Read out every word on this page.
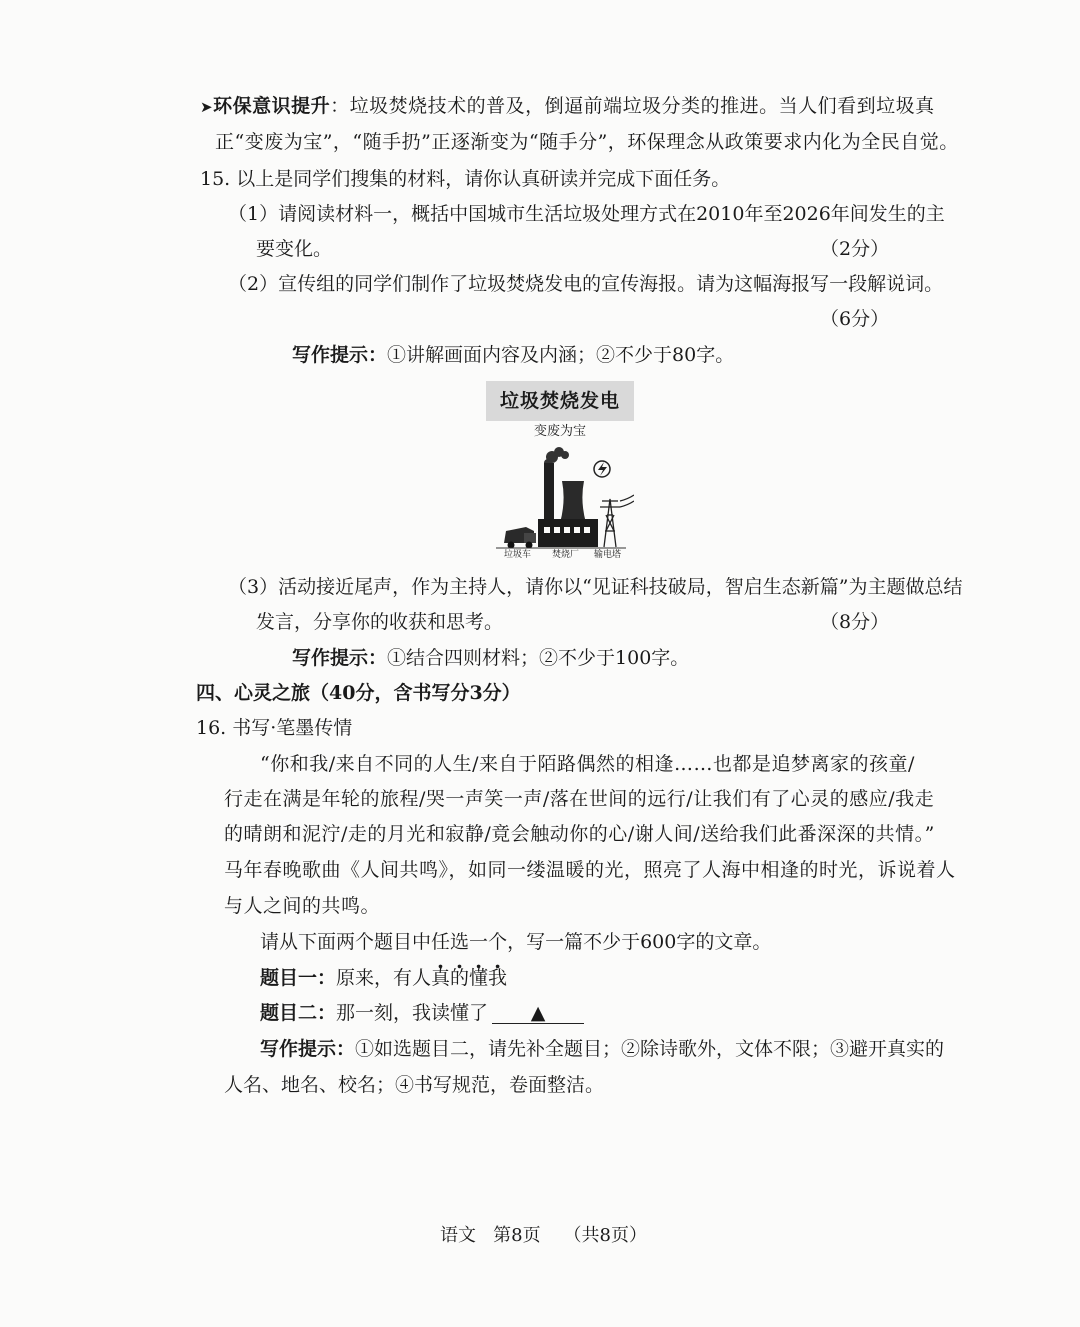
➤环保意识提升：垃圾焚烧技术的普及，倒逼前端垃圾分类的推进。当人们看到垃圾真
正“变废为宝”，“随手扔”正逐渐变为“随手分”，环保理念从政策要求内化为全民自觉。
15. 以上是同学们搜集的材料，请你认真研读并完成下面任务。
（1）请阅读材料一，概括中国城市生活垃圾处理方式在2010年至2026年间发生的主
要变化。	（2分）
（2）宣传组的同学们制作了垃圾焚烧发电的宣传海报。请为这幅海报写一段解说词。
（6分）
写作提示：①讲解画面内容及内涵；②不少于80字。
垃圾焚烧发电
变废为宝
垃圾车 焚烧厂 输电塔
（3）活动接近尾声，作为主持人，请你以“见证科技破局，智启生态新篇”为主题做总结
发言，分享你的收获和思考。	（8分）
写作提示：①结合四则材料；②不少于100字。
四、心灵之旅（40分，含书写分3分）
16. 书写·笔墨传情
“你和我/来自不同的人生/来自于陌路偶然的相逢……也都是追梦离家的孩童/
行走在满是年轮的旅程/哭一声笑一声/落在世间的远行/让我们有了心灵的感应/我走
的晴朗和泥泞/走的月光和寂静/竟会触动你的心/谢人间/送给我们此番深深的共情。”
马年春晚歌曲《人间共鸣》，如同一缕温暖的光，照亮了人海中相逢的时光，诉说着人
与人之间的共鸣。
请从下面两个题目中任选一个，写一篇不少于600字的文章。
题目一：原来，有人真的懂我
题目二：那一刻，我读懂了 ▲
写作提示：①如选题目二，请先补全题目；②除诗歌外，文体不限；③避开真实的
人名、地名、校名；④书写规范，卷面整洁。
语文 第8页 （共8页）
